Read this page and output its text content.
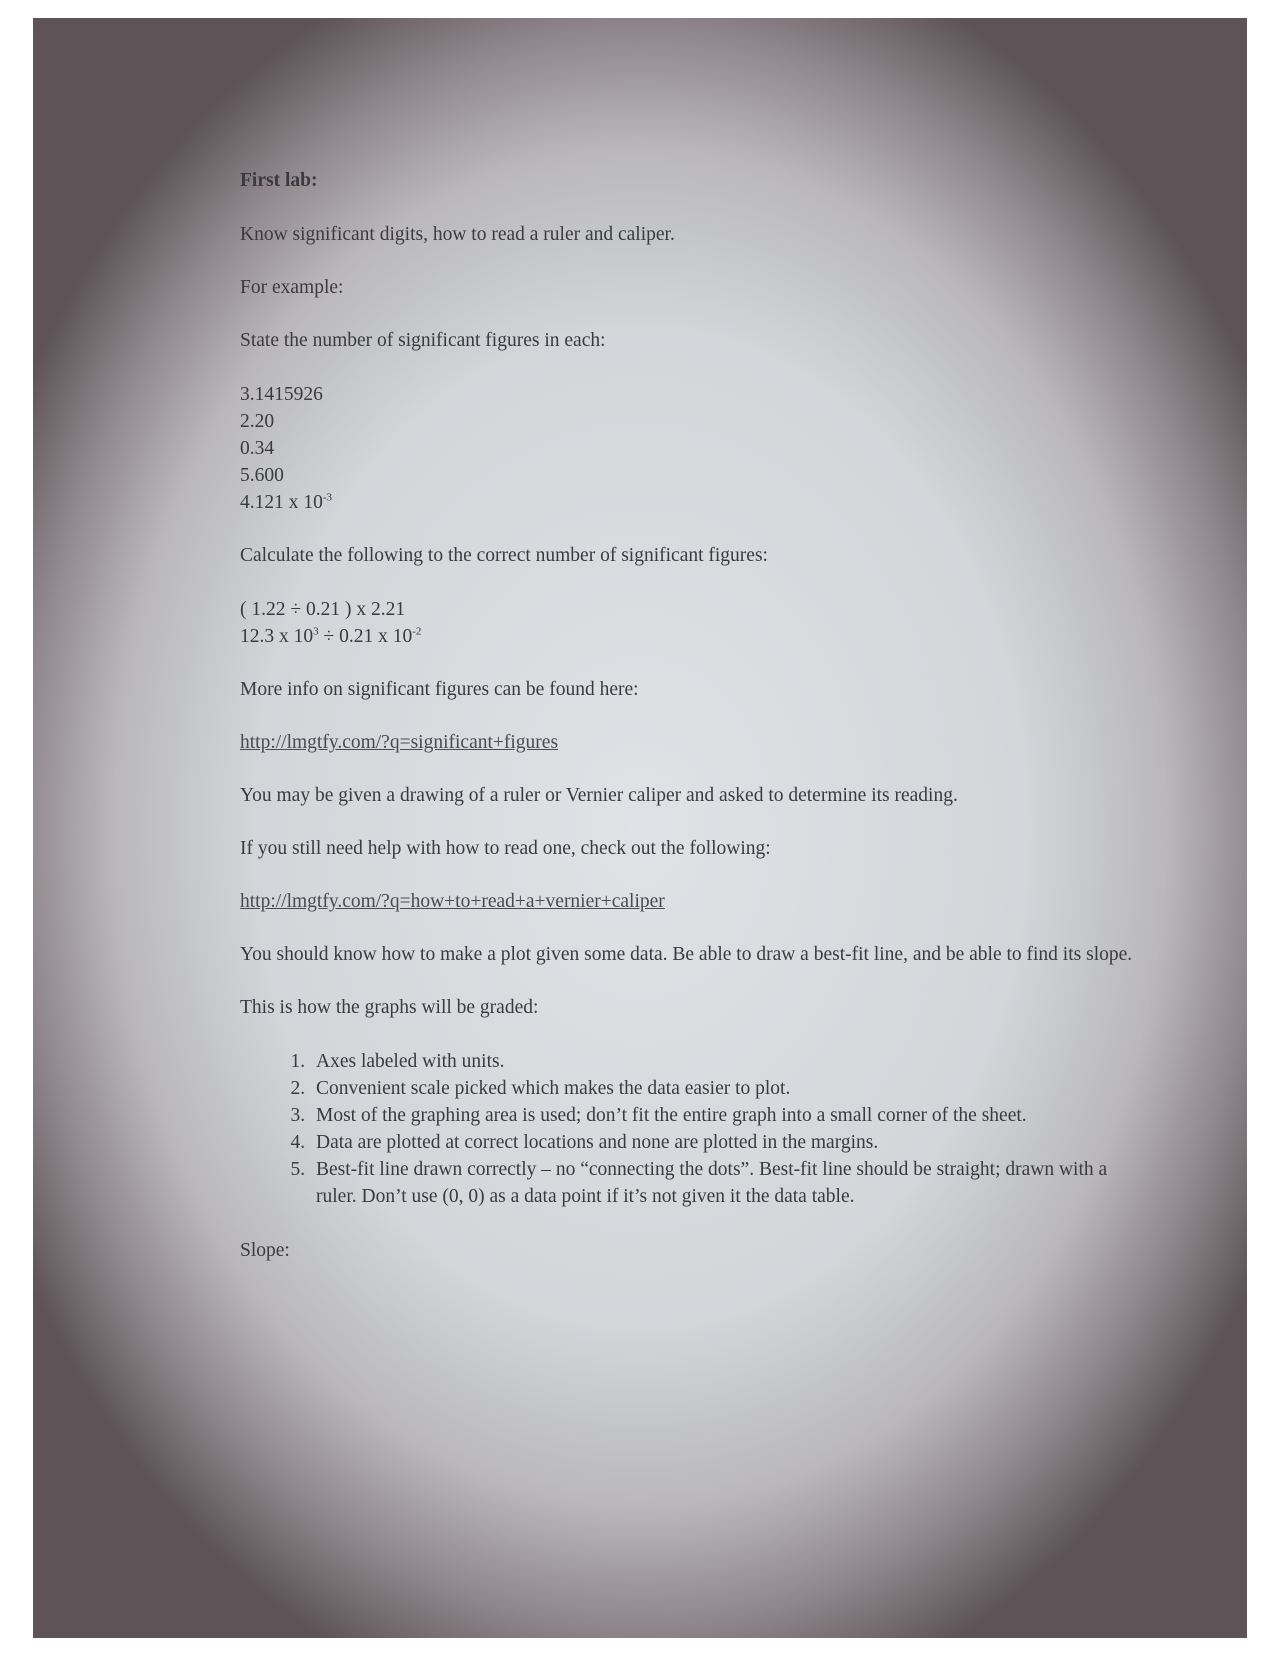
First lab:
Know significant digits, how to read a ruler and caliper.
For example:
State the number of significant figures in each:
3.1415926
2.20
0.34
5.600
4.121 x $10^{-3}$
Calculate the following to the correct number of significant figures:
( 1.22 ÷ 0.21 ) x 2.21
12.3 x $10^3 \div 0.21$ x $10^{-2}$
More info on significant figures can be found here:
http://lmgtfy.com/?q=significant+figures
You may be given a drawing of a ruler or Vernier caliper and asked to determine its reading.
If you still need help with how to read one, check out the following:
http://lmgtfy.com/?q=how+to+read+a+vernier+caliper
You should know how to make a plot given some data. Be able to draw a best-fit line, and be able to find its slope.
This is how the graphs will be graded:
1. Axes labeled with units.
2. Convenient scale picked which makes the data easier to plot.
3. Most of the graphing area is used; don’t fit the entire graph into a small corner of the sheet.
4. Data are plotted at correct locations and none are plotted in the margins.
5. Best-fit line drawn correctly – no “connecting the dots”. Best-fit line should be straight; drawn with a ruler. Don’t use (0, 0) as a data point if it’s not given it the data table.
Slope:
